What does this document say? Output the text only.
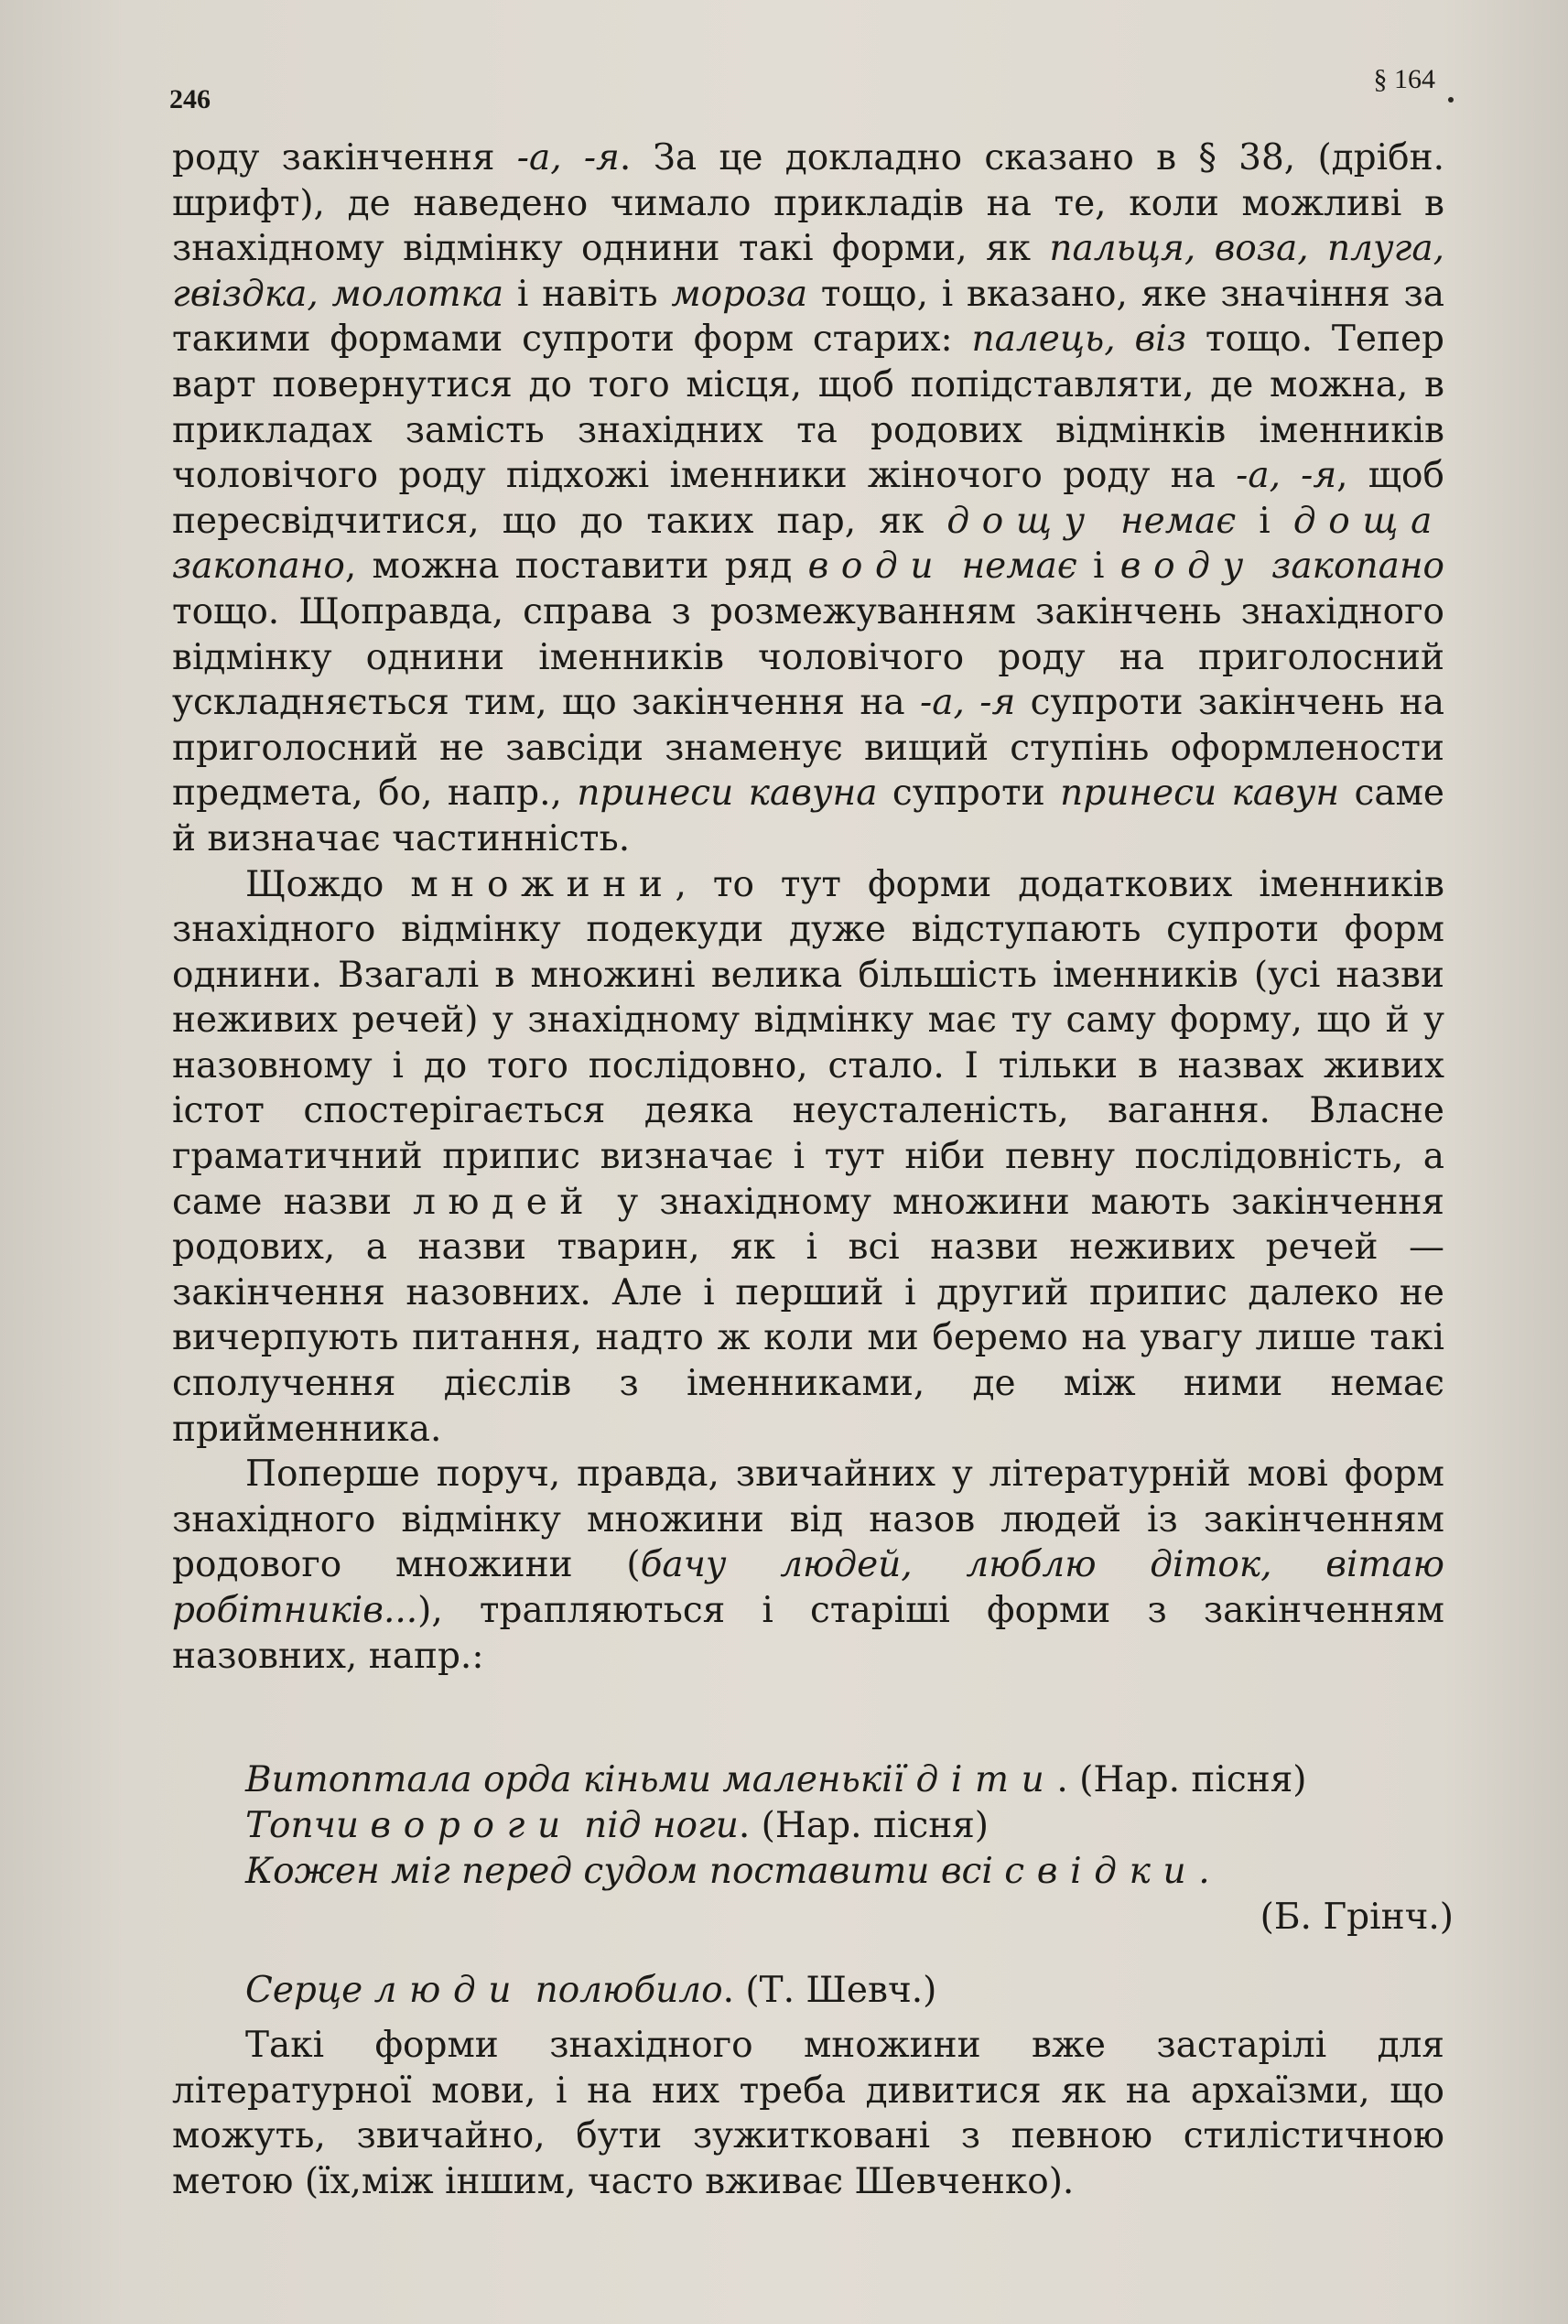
246
§ 164

роду закінчення -а, -я. За це докладно сказано в § 38, (дрібн. шрифт), де наведено чимало прикладів на те, коли можливі в знахідному відмінку однини такі форми, як пальця, воза, плуга, гвіздка, молотка і навіть мороза тощо, і вказано, яке значіння за такими формами супроти форм старих: палець, віз тощо. Тепер варт повернутися до того місця, щоб попідставляти, де можна, в прикладах замість знахідних та родових відмінків іменників чоловічого роду підхожі іменники жіночого роду на -а, -я, щоб пересвідчитися, що до таких пар, як дощу немає і доща закопано, можна поставити ряд води немає і воду закопано тощо. Щоправда, справа з розмежуванням закінчень знахідного відмінку однини іменників чоловічого роду на приголосний ускладняється тим, що закінчення на -а, -я супроти закінчень на приголосний не завсіди знаменує вищий ступінь оформлености предмета, бо, напр., принеси кавуна супроти принеси кавун саме й визначає частинність.

Щождо множини, то тут форми додаткових іменників знахідного відмінку подекуди дуже відступають супроти форм однини. Взагалі в множині велика більшість іменників (усі назви неживих речей) у знахідному відмінку має ту саму форму, що й у назовному і до того послідовно, стало. І тільки в назвах живих істот спостерігається деяка неусталеність, вагання. Власне граматичний припис визначає і тут ніби певну послідовність, а саме назви людей у знахідному множини мають закінчення родових, а назви тварин, як і всі назви неживих речей — закінчення назовних. Але і перший і другий припис далеко не вичерпують питання, надто ж коли ми беремо на увагу лише такі сполучення дієслів з іменниками, де між ними немає прийменника.

Поперше поруч, правда, звичайних у літературній мові форм знахідного відмінку множини від назов людей із закінченням родового множини (бачу людей, люблю діток, вітаю робітників...), трапляються і старіші форми з закінченням назовних, напр.:

Витоптала орда кіньми маленькії діти. (Нар. пісня)
Топчи вороги під ноги. (Нар. пісня)
Кожен міг перед судом поставити всі свідки.
(Б. Грінч.)
Серце люди полюбило. (Т. Шевч.)

Такі форми знахідного множини вже застарілі для літературної мови, і на них треба дивитися як на архаїзми, що можуть, звичайно, бути зужиткованi з певною стилістичною метою (їх,між іншим, часто вживає Шевченко).
